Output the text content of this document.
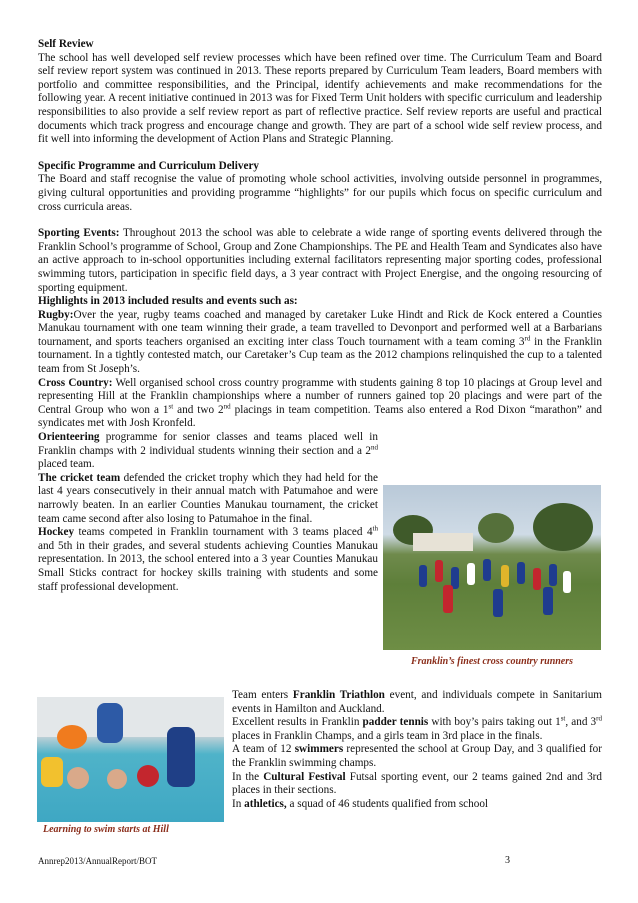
Self Review

The school has well developed self review processes which have been refined over time. The Curriculum Team and Board self review report system was continued in 2013. These reports prepared by Curriculum Team leaders, Board members with portfolio and committee responsibilities, and the Principal, identify achievements and make recommendations for the following year. A recent initiative continued in 2013 was for Fixed Term Unit holders with specific curriculum and leadership responsibilities to also provide a self review report as part of reflective practice. Self review reports are useful and practical documents which track progress and encourage change and growth. They are part of a school wide self review process, and fit well into informing the development of Action Plans and Strategic Planning.

Specific Programme and Curriculum Delivery

The Board and staff recognise the value of promoting whole school activities, involving outside personnel in programmes, giving cultural opportunities and providing programme “highlights” for our pupils which focus on specific curriculum and cross curricula areas.

Sporting Events: Throughout 2013 the school was able to celebrate a wide range of sporting events delivered through the Franklin School’s programme of School, Group and Zone Championships. The PE and Health Team and Syndicates also have an active approach to in-school opportunities including external facilitators representing major sporting codes, professional swimming tutors, participation in specific field days, a 3 year contract with Project Energise, and the ongoing resourcing of sporting equipment.

Highlights in 2013 included results and events such as:

Rugby:Over the year, rugby teams coached and managed by caretaker Luke Hindt and Rick de Kock entered a Counties Manukau tournament with one team winning their grade, a team travelled to Devonport and performed well at a Barbarians tournament, and sports teachers organised an exciting inter class Touch tournament with a team coming 3rd in the Franklin tournament. In a tightly contested match, our Caretaker’s Cup team as the 2012 champions relinquished the cup to a talented team from St Joseph’s.

Cross Country: Well organised school cross country programme with students gaining 8 top 10 placings at Group level and representing Hill at the Franklin championships where a number of runners gained top 20 placings and were part of the Central Group who won a 1st and two 2nd placings in team competition. Teams also entered a Rod Dixon “marathon” and syndicates met with Josh Kronfeld.

Orienteering programme for senior classes and teams placed well in Franklin champs with 2 individual students winning their section and a 2nd placed team.

The cricket team defended the cricket trophy which they had held for the last 4 years consecutively in their annual match with Patumahoe and were narrowly beaten. In an earlier Counties Manukau tournament, the cricket team came second after also losing to Patumahoe in the final.

Hockey teams competed in Franklin tournament with 3 teams placed 4th and 5th in their grades, and several students achieving Counties Manukau representation. In 2013, the school entered into a 3 year Counties Manukau Small Sticks contract for hockey skills training with students and some staff professional development.

Franklin’s finest cross country runners
Learning to swim starts at Hill

Team enters Franklin Triathlon event, and individuals compete in Sanitarium events in Hamilton and Auckland.

Excellent results in Franklin padder tennis with boy’s pairs taking out 1st, and 3rd places in Franklin Champs, and a girls team in 3rd place in the finals.

A team of 12 swimmers represented the school at Group Day, and 3 qualified for the Franklin swimming champs.

In the Cultural Festival Futsal sporting event, our 2 teams gained 2nd and 3rd places in their sections.

In athletics, a squad of 46 students qualified from school

Annrep2013/AnnualReport/BOT	3
